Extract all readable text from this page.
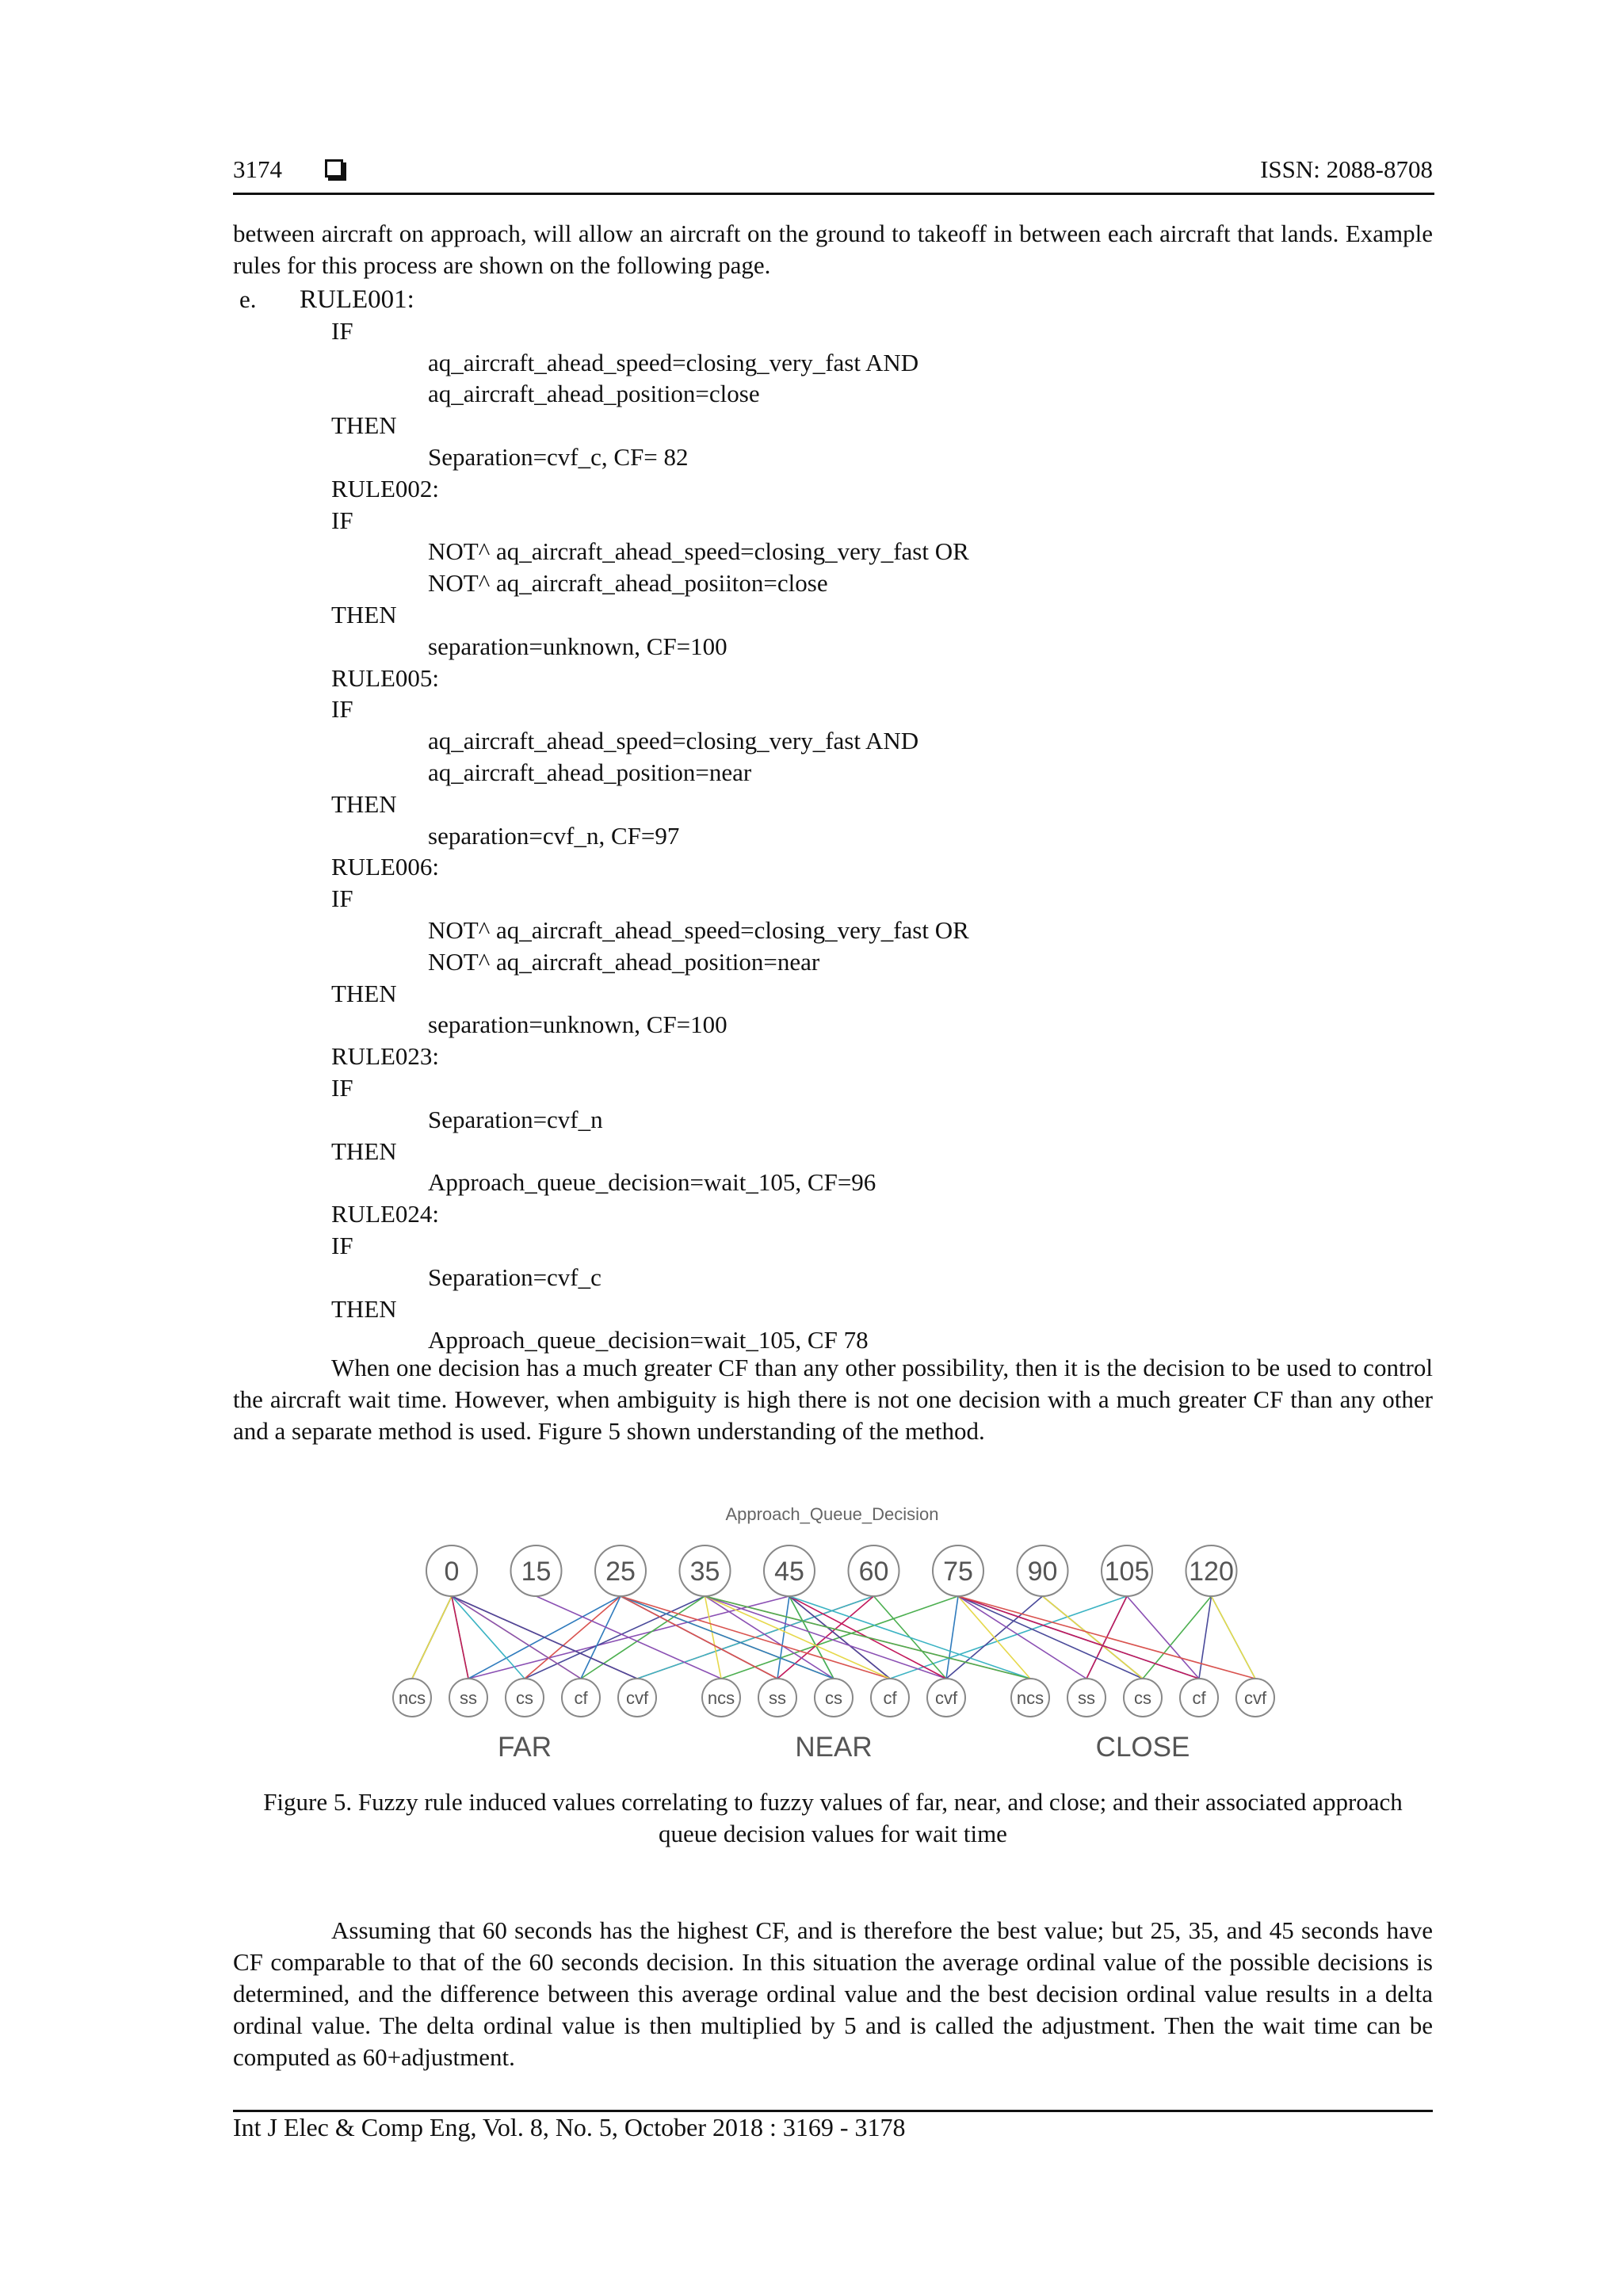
3174	ISSN: 2088-8708

between aircraft on approach, will allow an aircraft on the ground to takeoff in between each aircraft that lands. Example rules for this process are shown on the following page.

e. RULE001:
IF
aq_aircraft_ahead_speed=closing_very_fast AND
aq_aircraft_ahead_position=close
THEN
Separation=cvf_c, CF= 82
RULE002:
IF
NOT^ aq_aircraft_ahead_speed=closing_very_fast OR
NOT^ aq_aircraft_ahead_posiiton=close
THEN
separation=unknown, CF=100
RULE005:
IF
aq_aircraft_ahead_speed=closing_very_fast AND
aq_aircraft_ahead_position=near
THEN
separation=cvf_n, CF=97
RULE006:
IF
NOT^ aq_aircraft_ahead_speed=closing_very_fast OR
NOT^ aq_aircraft_ahead_position=near
THEN
separation=unknown, CF=100
RULE023:
IF
Separation=cvf_n
THEN
Approach_queue_decision=wait_105, CF=96
RULE024:
IF
Separation=cvf_c
THEN
Approach_queue_decision=wait_105, CF 78

When one decision has a much greater CF than any other possibility, then it is the decision to be used to control the aircraft wait time. However, when ambiguity is high there is not one decision with a much greater CF than any other and a separate method is used. Figure 5 shown understanding of the method.

0 15 25 35 45 60 75 90 105 120
ncs ss cs cf cvf
FAR
ncs ss cs cf cvf
NEAR
ncs ss cs cf cvf
CLOSE
Approach_Queue_Decision

Figure 5. Fuzzy rule induced values correlating to fuzzy values of far, near, and close; and their associated approach queue decision values for wait time

Assuming that 60 seconds has the highest CF, and is therefore the best value; but 25, 35, and 45 seconds have CF comparable to that of the 60 seconds decision. In this situation the average ordinal value of the possible decisions is determined, and the difference between this average ordinal value and the best decision ordinal value results in a delta ordinal value. The delta ordinal value is then multiplied by 5 and is called the adjustment. Then the wait time can be computed as 60+adjustment.

Int J Elec & Comp Eng, Vol. 8, No. 5, October 2018 : 3169 - 3178
